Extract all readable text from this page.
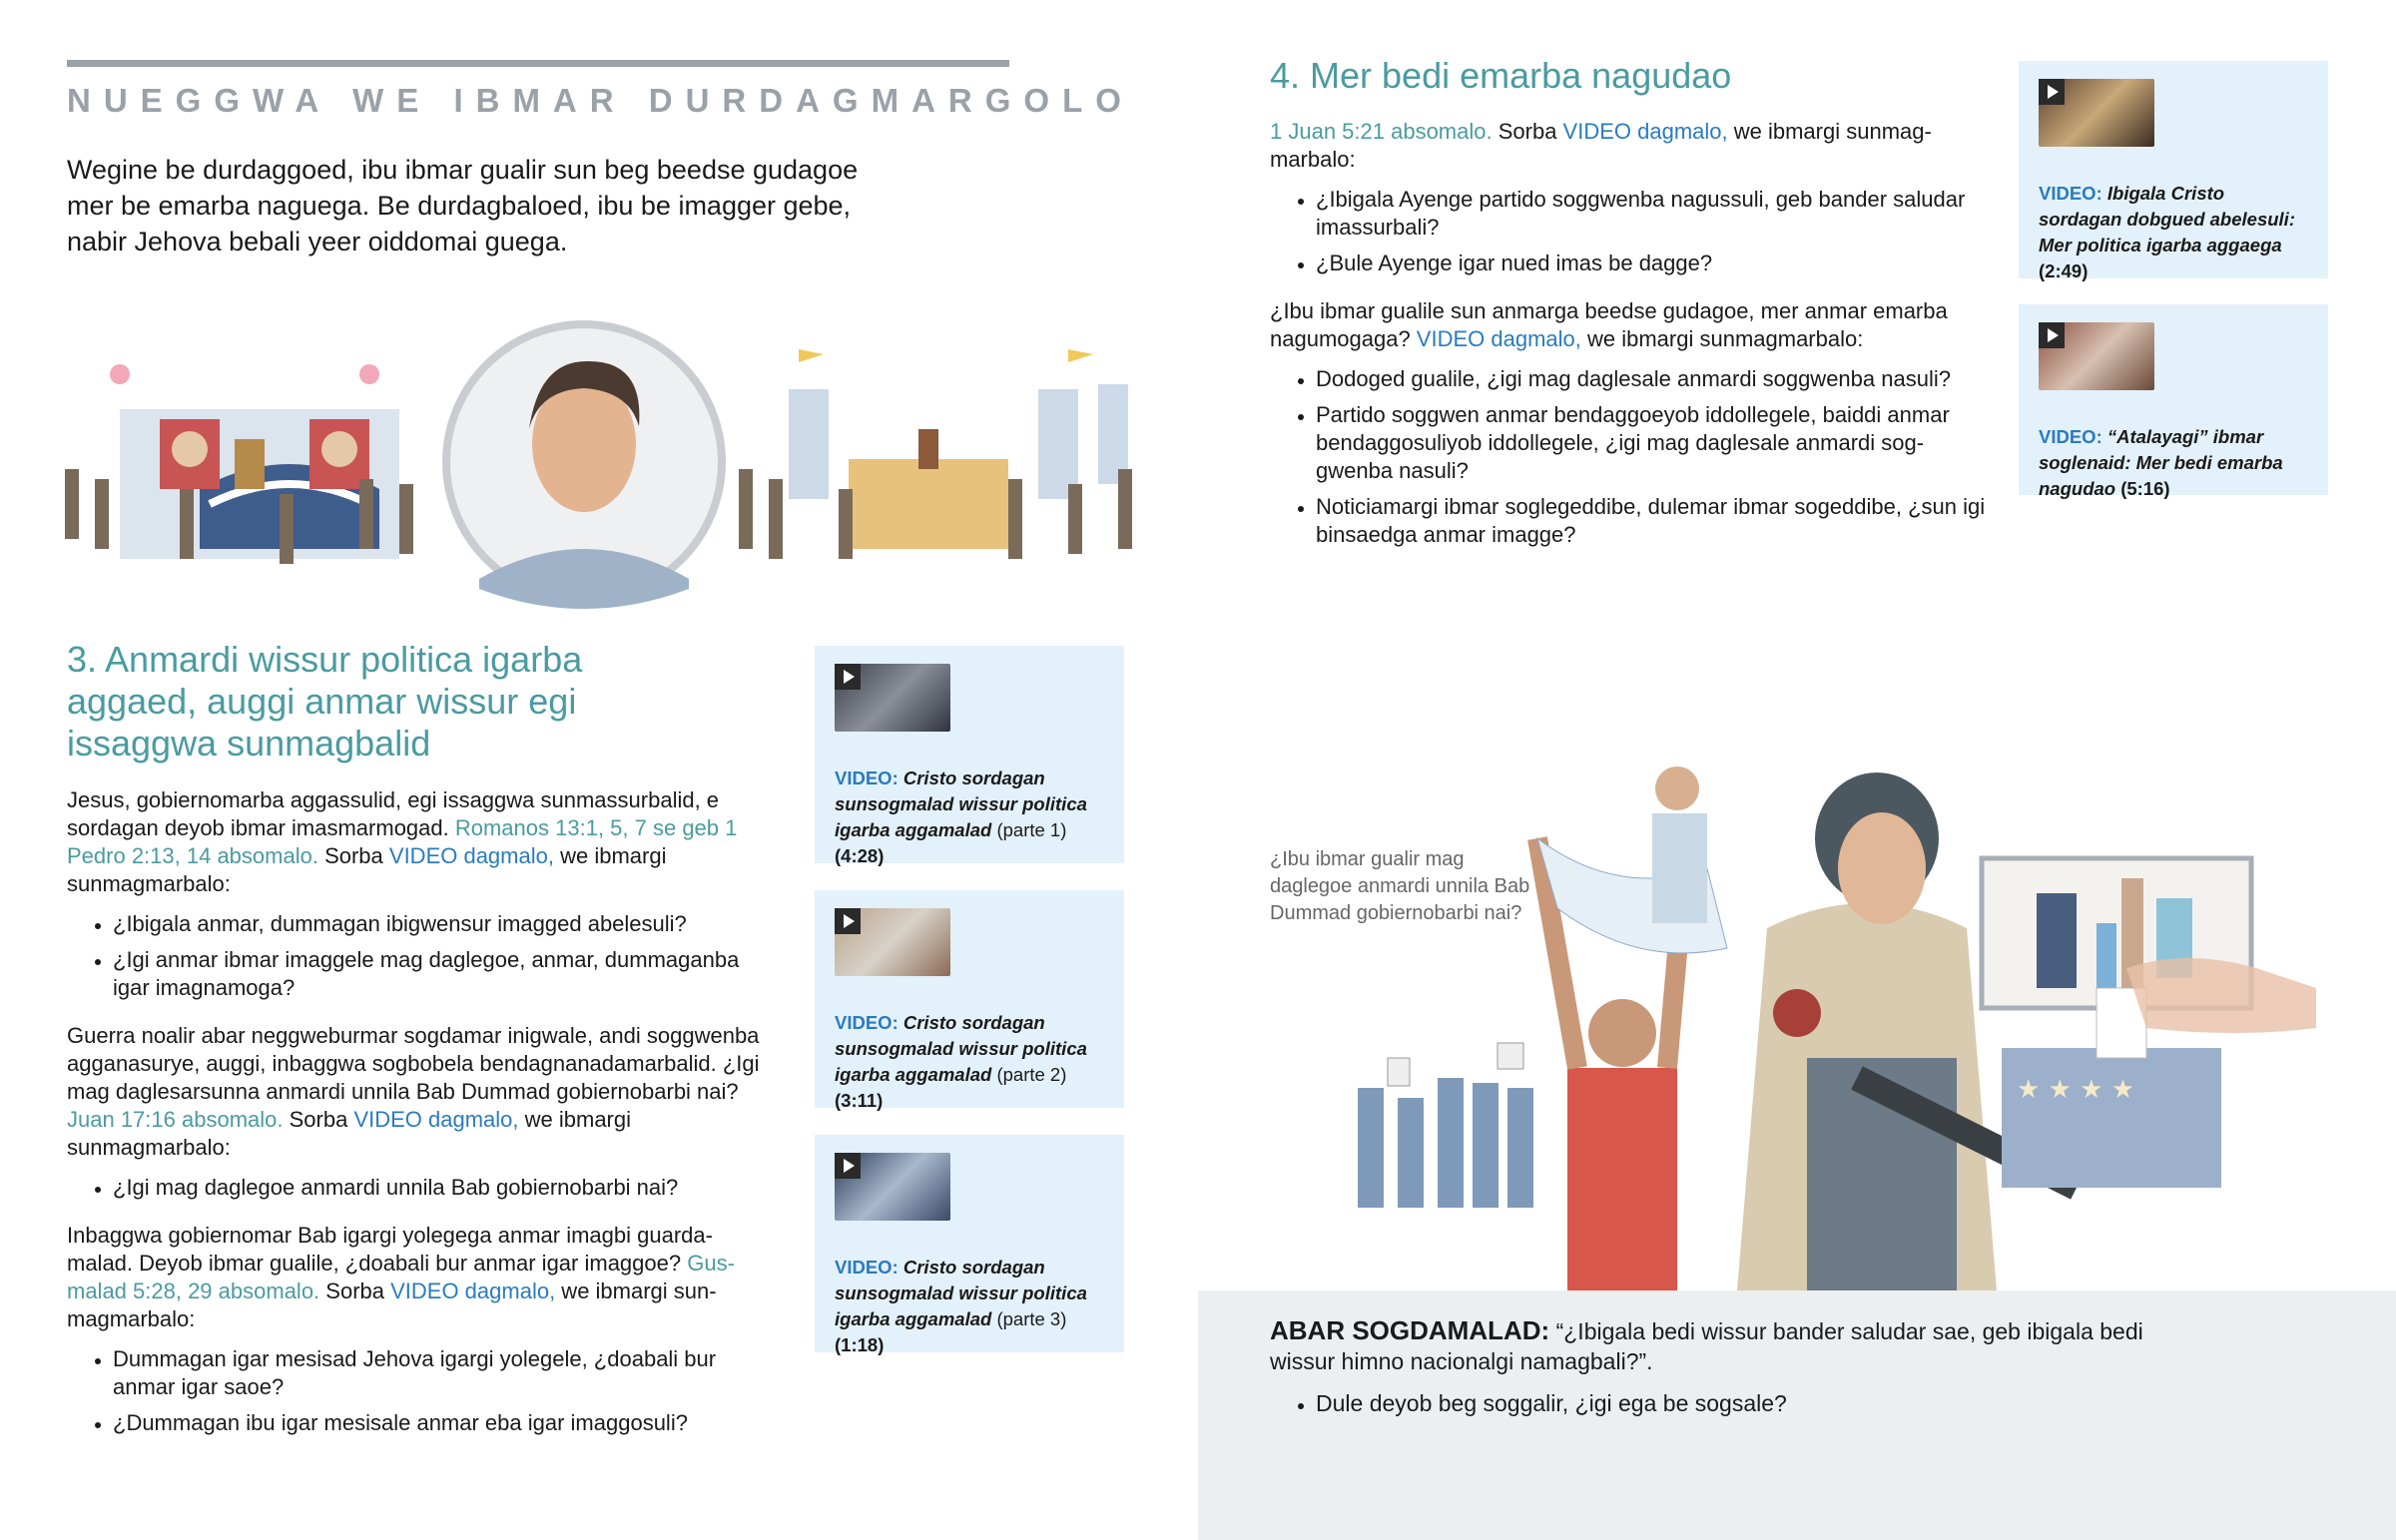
NUEGGWA WE IBMAR DURDAGMARGOLO
Wegine be durdaggoed, ibu ibmar gualir sun beg beedse gudagoe mer be emarba naguega. Be durdagbaloed, ibu be imagger gebe, nabir Jehova bebali yeer oiddomai guega.
3. Anmardi wissur politica igarba aggaed, auggi anmar wissur egi issaggwa sunmagbalid

Jesus, gobiernomarba aggassulid, egi issaggwa sunmassurbalid, e sordagan deyob ibmar imasmarmogad. Romanos 13:1, 5, 7 se geb 1 Pedro 2:13, 14 absomalo. Sorba VIDEO dagmalo, we ibmargi sunmagmarbalo:

• ¿Ibigala anmar, dummagan ibigwensur imagged abelesuli?
• ¿Igi anmar ibmar imaggele mag daglegoe, anmar, dummaganba igar imagnamoga?

Guerra noalir abar neggweburmar sogdamar inigwale, andi soggwenba agganasurye, auggi, inbaggwa sogbobela bendagnanadamarbalid. ¿Igi mag daglesarsunna anmardi unnila Bab Dummad gobiernobarbi nai? Juan 17:16 absomalo. Sorba VIDEO dagmalo, we ibmargi sunmagmarbalo:

• ¿Igi mag daglegoe anmardi unnila Bab gobiernobarbi nai?

Inbaggwa gobiernomar Bab igargi yolegega anmar imagbi guardamalad. Deyob ibmar gualile, ¿doabali bur anmar igar imaggoe? Gusmalad 5:28, 29 absomalo. Sorba VIDEO dagmalo, we ibmargi sunmagmarbalo:

• Dummagan igar mesisad Jehova igargi yolegele, ¿doabali bur anmar igar saoe?
• ¿Dummagan ibu igar mesisale anmar eba igar imaggosuli?
VIDEO: Cristo sordagan sunsogmalad wissur politica igarba aggamalad (parte 1)
(4:28)
VIDEO: Cristo sordagan sunsogmalad wissur politica igarba aggamalad (parte 2)
(3:11)
VIDEO: Cristo sordagan sunsogmalad wissur politica igarba aggamalad (parte 3)
(1:18)
4. Mer bedi emarba nagudao

1 Juan 5:21 absomalo. Sorba VIDEO dagmalo, we ibmargi sunmagmarbalo:

• ¿Ibigala Ayenge partido soggwenba nagussuli, geb bander saludar imassurbali?
• ¿Bule Ayenge igar nued imas be dagge?

¿Ibu ibmar gualile sun anmarga beedse gudagoe, mer anmar emarba nagumogaga? VIDEO dagmalo, we ibmargi sunmagmarbalo:

• Dodoged gualile, ¿igi mag daglesale anmardi soggwenba nasuli?
• Partido soggwen anmar bendaggoeyob iddollegele, baiddi anmar bendaggosuliyob iddollegele, ¿igi mag daglesale anmardi soggwenba nasuli?
• Noticiamargi ibmar soglegeddibe, dulemar ibmar sogeddibe, ¿sun igi binsaedga anmar imagge?
VIDEO: Ibigala Cristo sordagan dobgued abelesuli: Mer politica igarba aggaega
(2:49)
VIDEO: “Atalayagi” ibmar soglenaid: Mer bedi emarba nagudao (5:16)
¿Ibu ibmar gualir mag daglegoe anmardi unnila Bab Dummad gobiernobarbi nai?
★ ★ ★ ★
ABAR SOGDAMALAD: “¿Ibigala bedi wissur bander saludar sae, geb ibigala bedi wissur himno nacionalgi namagbali?”.
• Dule deyob beg soggalir, ¿igi ega be sogsale?
